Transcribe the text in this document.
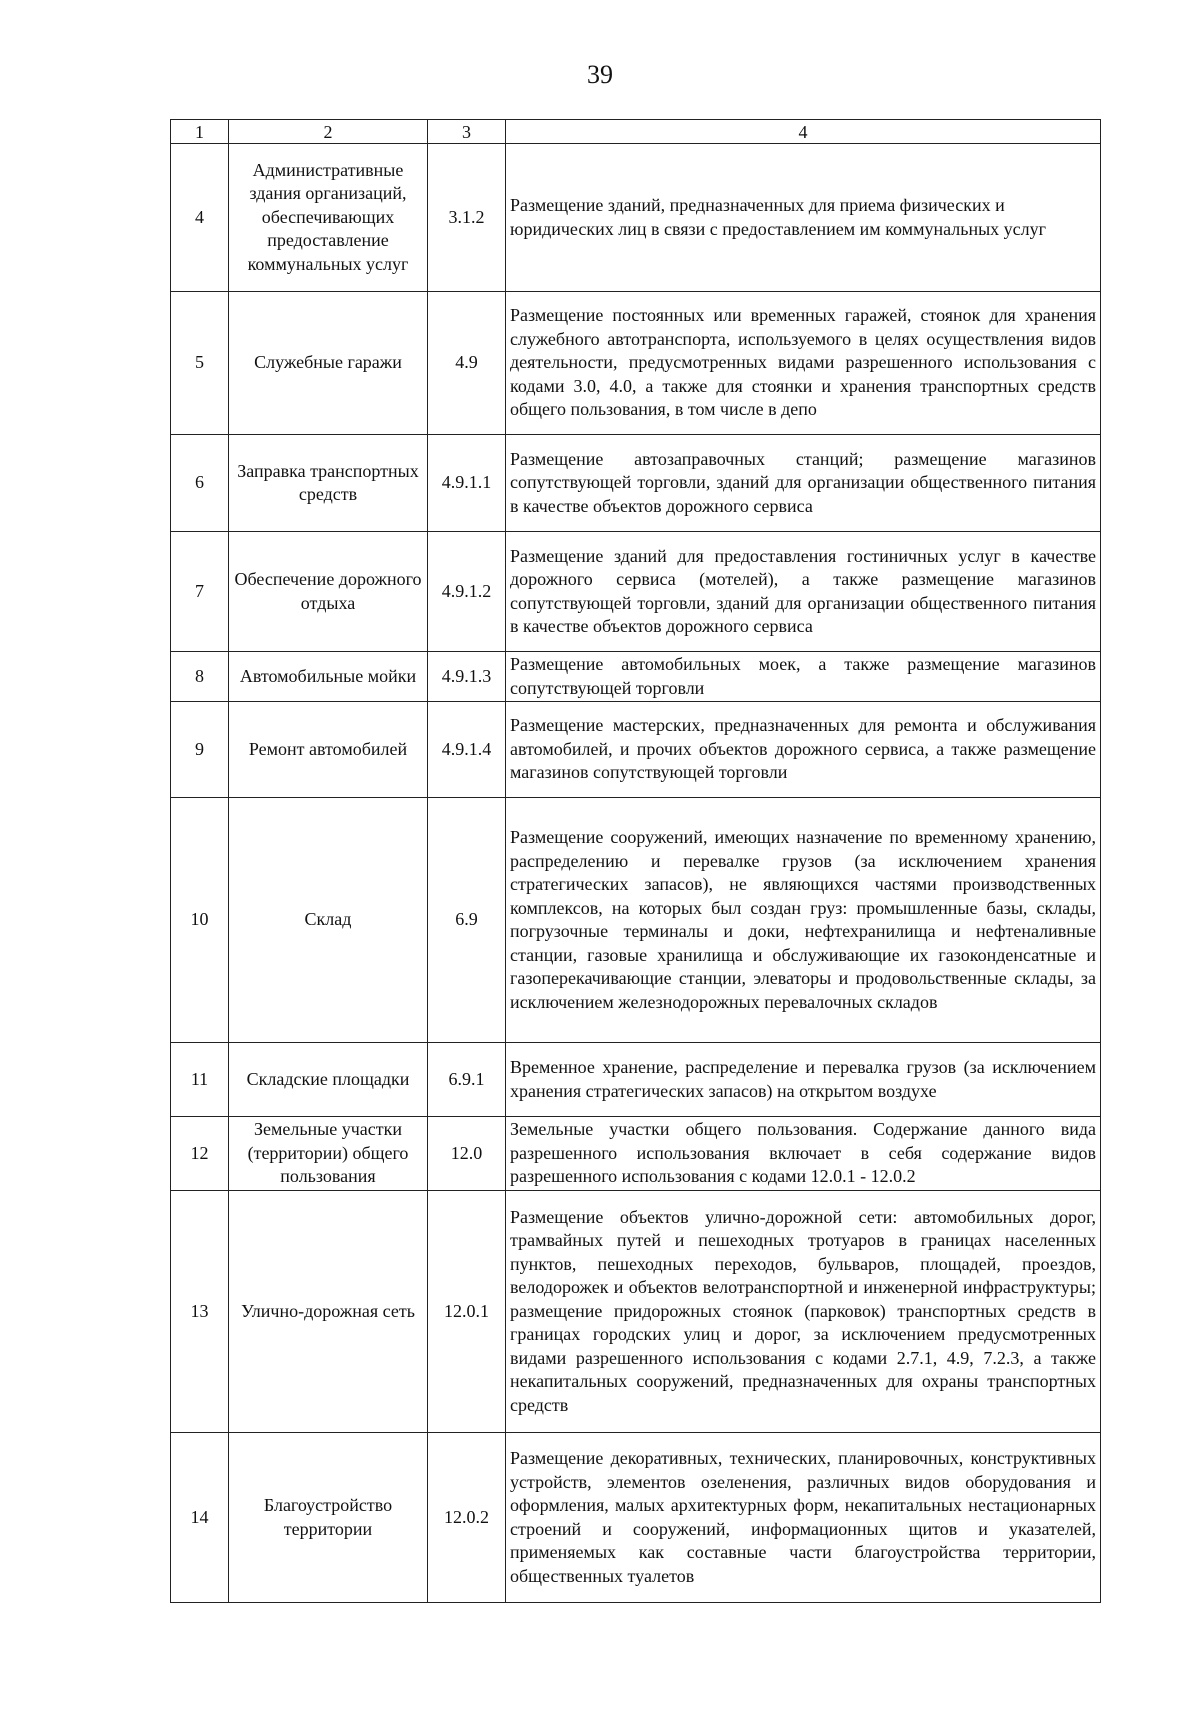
39
1	2	3	4
4	Административные здания организаций, обеспечивающих предоставление коммунальных услуг	3.1.2	Размещение зданий, предназначенных для приема физических и юридических лиц в связи с предоставлением им коммунальных услуг
5	Служебные гаражи	4.9	Размещение постоянных или временных гаражей, стоянок для хранения служебного автотранспорта, используемого в целях осуществления видов деятельности, предусмотренных видами разрешенного использования с кодами 3.0, 4.0, а также для стоянки и хранения транспортных средств общего пользования, в том числе в депо
6	Заправка транспортных средств	4.9.1.1	Размещение автозаправочных станций; размещение магазинов сопутствующей торговли, зданий для организации общественного питания в качестве объектов дорожного сервиса
7	Обеспечение дорожного отдыха	4.9.1.2	Размещение зданий для предоставления гостиничных услуг в качестве дорожного сервиса (мотелей), а также размещение магазинов сопутствующей торговли, зданий для организации общественного питания в качестве объектов дорожного сервиса
8	Автомобильные мойки	4.9.1.3	Размещение автомобильных моек, а также размещение магазинов сопутствующей торговли
9	Ремонт автомобилей	4.9.1.4	Размещение мастерских, предназначенных для ремонта и обслуживания автомобилей, и прочих объектов дорожного сервиса, а также размещение магазинов сопутствующей торговли
10	Склад	6.9	Размещение сооружений, имеющих назначение по временному хранению, распределению и перевалке грузов (за исключением хранения стратегических запасов), не являющихся частями производственных комплексов, на которых был создан груз: промышленные базы, склады, погрузочные терминалы и доки, нефтехранилища и нефтеналивные станции, газовые хранилища и обслуживающие их газоконденсатные и газоперекачивающие станции, элеваторы и продовольственные склады, за исключением железнодорожных перевалочных складов
11	Складские площадки	6.9.1	Временное хранение, распределение и перевалка грузов (за исключением хранения стратегических запасов) на открытом воздухе
12	Земельные участки (территории) общего пользования	12.0	Земельные участки общего пользования. Содержание данного вида разрешенного использования включает в себя содержание видов разрешенного использования с кодами 12.0.1 - 12.0.2
13	Улично-дорожная сеть	12.0.1	Размещение объектов улично-дорожной сети: автомобильных дорог, трамвайных путей и пешеходных тротуаров в границах населенных пунктов, пешеходных переходов, бульваров, площадей, проездов, велодорожек и объектов велотранспортной и инженерной инфраструктуры; размещение придорожных стоянок (парковок) транспортных средств в границах городских улиц и дорог, за исключением предусмотренных видами разрешенного использования с кодами 2.7.1, 4.9, 7.2.3, а также некапитальных сооружений, предназначенных для охраны транспортных средств
14	Благоустройство территории	12.0.2	Размещение декоративных, технических, планировочных, конструктивных устройств, элементов озеленения, различных видов оборудования и оформления, малых архитектурных форм, некапитальных нестационарных строений и сооружений, информационных щитов и указателей, применяемых как составные части благоустройства территории, общественных туалетов
